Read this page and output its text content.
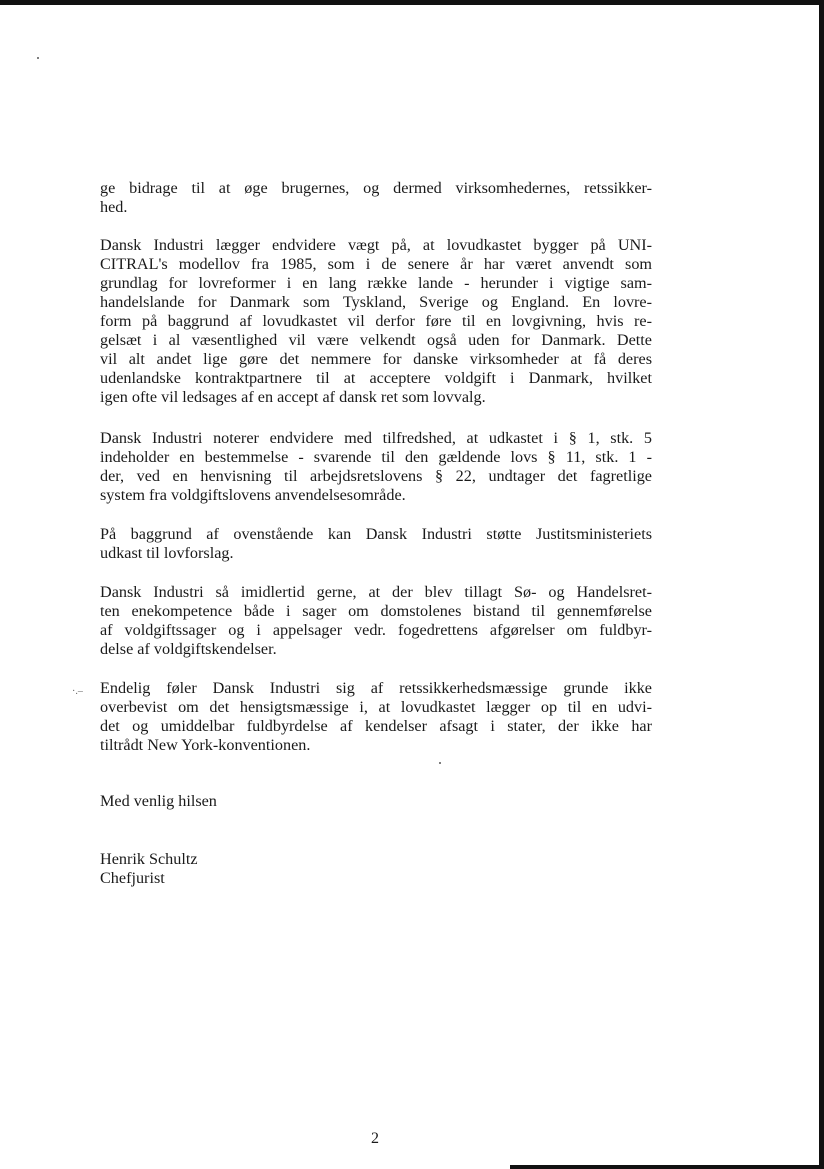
·.–
ge bidrage til at øge brugernes, og dermed virksomhedernes, retssikker-
hed.
Dansk Industri lægger endvidere vægt på, at lovudkastet bygger på UNI-
CITRAL's modellov fra 1985, som i de senere år har været anvendt som
grundlag for lovreformer i en lang række lande - herunder i vigtige sam-
handelslande for Danmark som Tyskland, Sverige og England. En lovre-
form på baggrund af lovudkastet vil derfor føre til en lovgivning, hvis re-
gelsæt i al væsentlighed vil være velkendt også uden for Danmark. Dette
vil alt andet lige gøre det nemmere for danske virksomheder at få deres
udenlandske kontraktpartnere til at acceptere voldgift i Danmark, hvilket
igen ofte vil ledsages af en accept af dansk ret som lovvalg.
Dansk Industri noterer endvidere med tilfredshed, at udkastet i § 1, stk. 5
indeholder en bestemmelse - svarende til den gældende lovs § 11, stk. 1 -
der, ved en henvisning til arbejdsretslovens § 22, undtager det fagretlige
system fra voldgiftslovens anvendelsesområde.
På baggrund af ovenstående kan Dansk Industri støtte Justitsministeriets
udkast til lovforslag.
Dansk Industri så imidlertid gerne, at der blev tillagt Sø- og Handelsret-
ten enekompetence både i sager om domstolenes bistand til gennemførelse
af voldgiftssager og i appelsager vedr. fogedrettens afgørelser om fuldbyr-
delse af voldgiftskendelser.
Endelig føler Dansk Industri sig af retssikkerhedsmæssige grunde ikke
overbevist om det hensigtsmæssige i, at lovudkastet lægger op til en udvi-
det og umiddelbar fuldbyrdelse af kendelser afsagt i stater, der ikke har
tiltrådt New York-konventionen.
Med venlig hilsen
Henrik Schultz
Chefjurist
2
